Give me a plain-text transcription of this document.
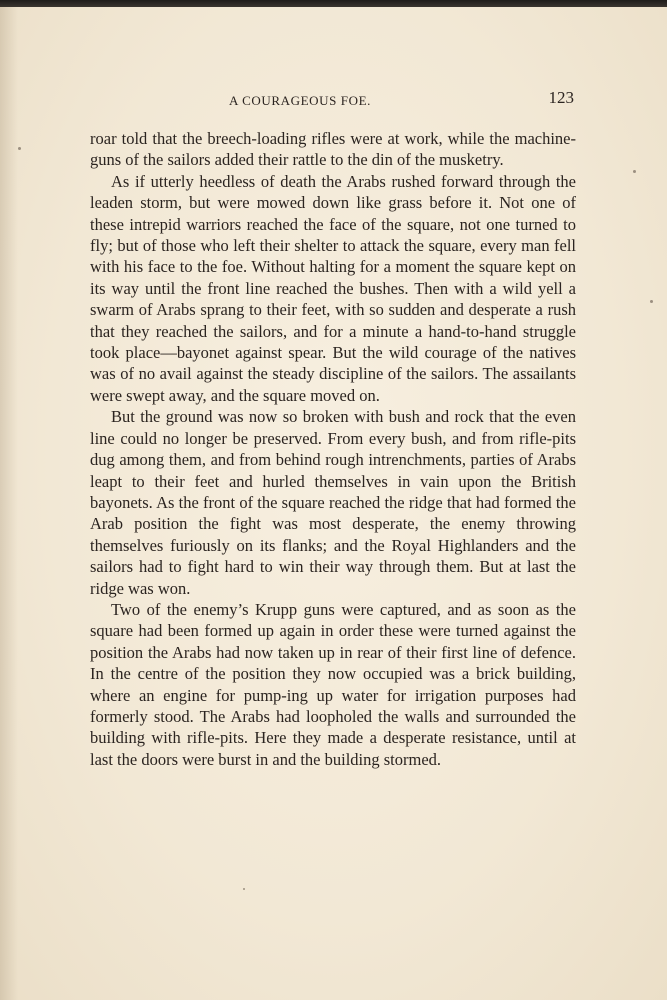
A COURAGEOUS FOE.	123

roar told that the breech-loading rifles were at work, while the machine-guns of the sailors added their rattle to the din of the musketry.

As if utterly heedless of death the Arabs rushed forward through the leaden storm, but were mowed down like grass before it. Not one of these intrepid warriors reached the face of the square, not one turned to fly; but of those who left their shelter to attack the square, every man fell with his face to the foe. Without halting for a moment the square kept on its way until the front line reached the bushes. Then with a wild yell a swarm of Arabs sprang to their feet, with so sudden and desperate a rush that they reached the sailors, and for a minute a hand-to-hand struggle took place—bayonet against spear. But the wild courage of the natives was of no avail against the steady discipline of the sailors. The assailants were swept away, and the square moved on.

But the ground was now so broken with bush and rock that the even line could no longer be preserved. From every bush, and from rifle-pits dug among them, and from behind rough intrenchments, parties of Arabs leapt to their feet and hurled themselves in vain upon the British bayonets. As the front of the square reached the ridge that had formed the Arab position the fight was most desperate, the enemy throwing themselves furiously on its flanks; and the Royal Highlanders and the sailors had to fight hard to win their way through them. But at last the ridge was won.

Two of the enemy’s Krupp guns were captured, and as soon as the square had been formed up again in order these were turned against the position the Arabs had now taken up in rear of their first line of defence. In the centre of the position they now occupied was a brick building, where an engine for pump-ing up water for irrigation purposes had formerly stood. The Arabs had loopholed the walls and surrounded the building with rifle-pits. Here they made a desperate resistance, until at last the doors were burst in and the building stormed.
